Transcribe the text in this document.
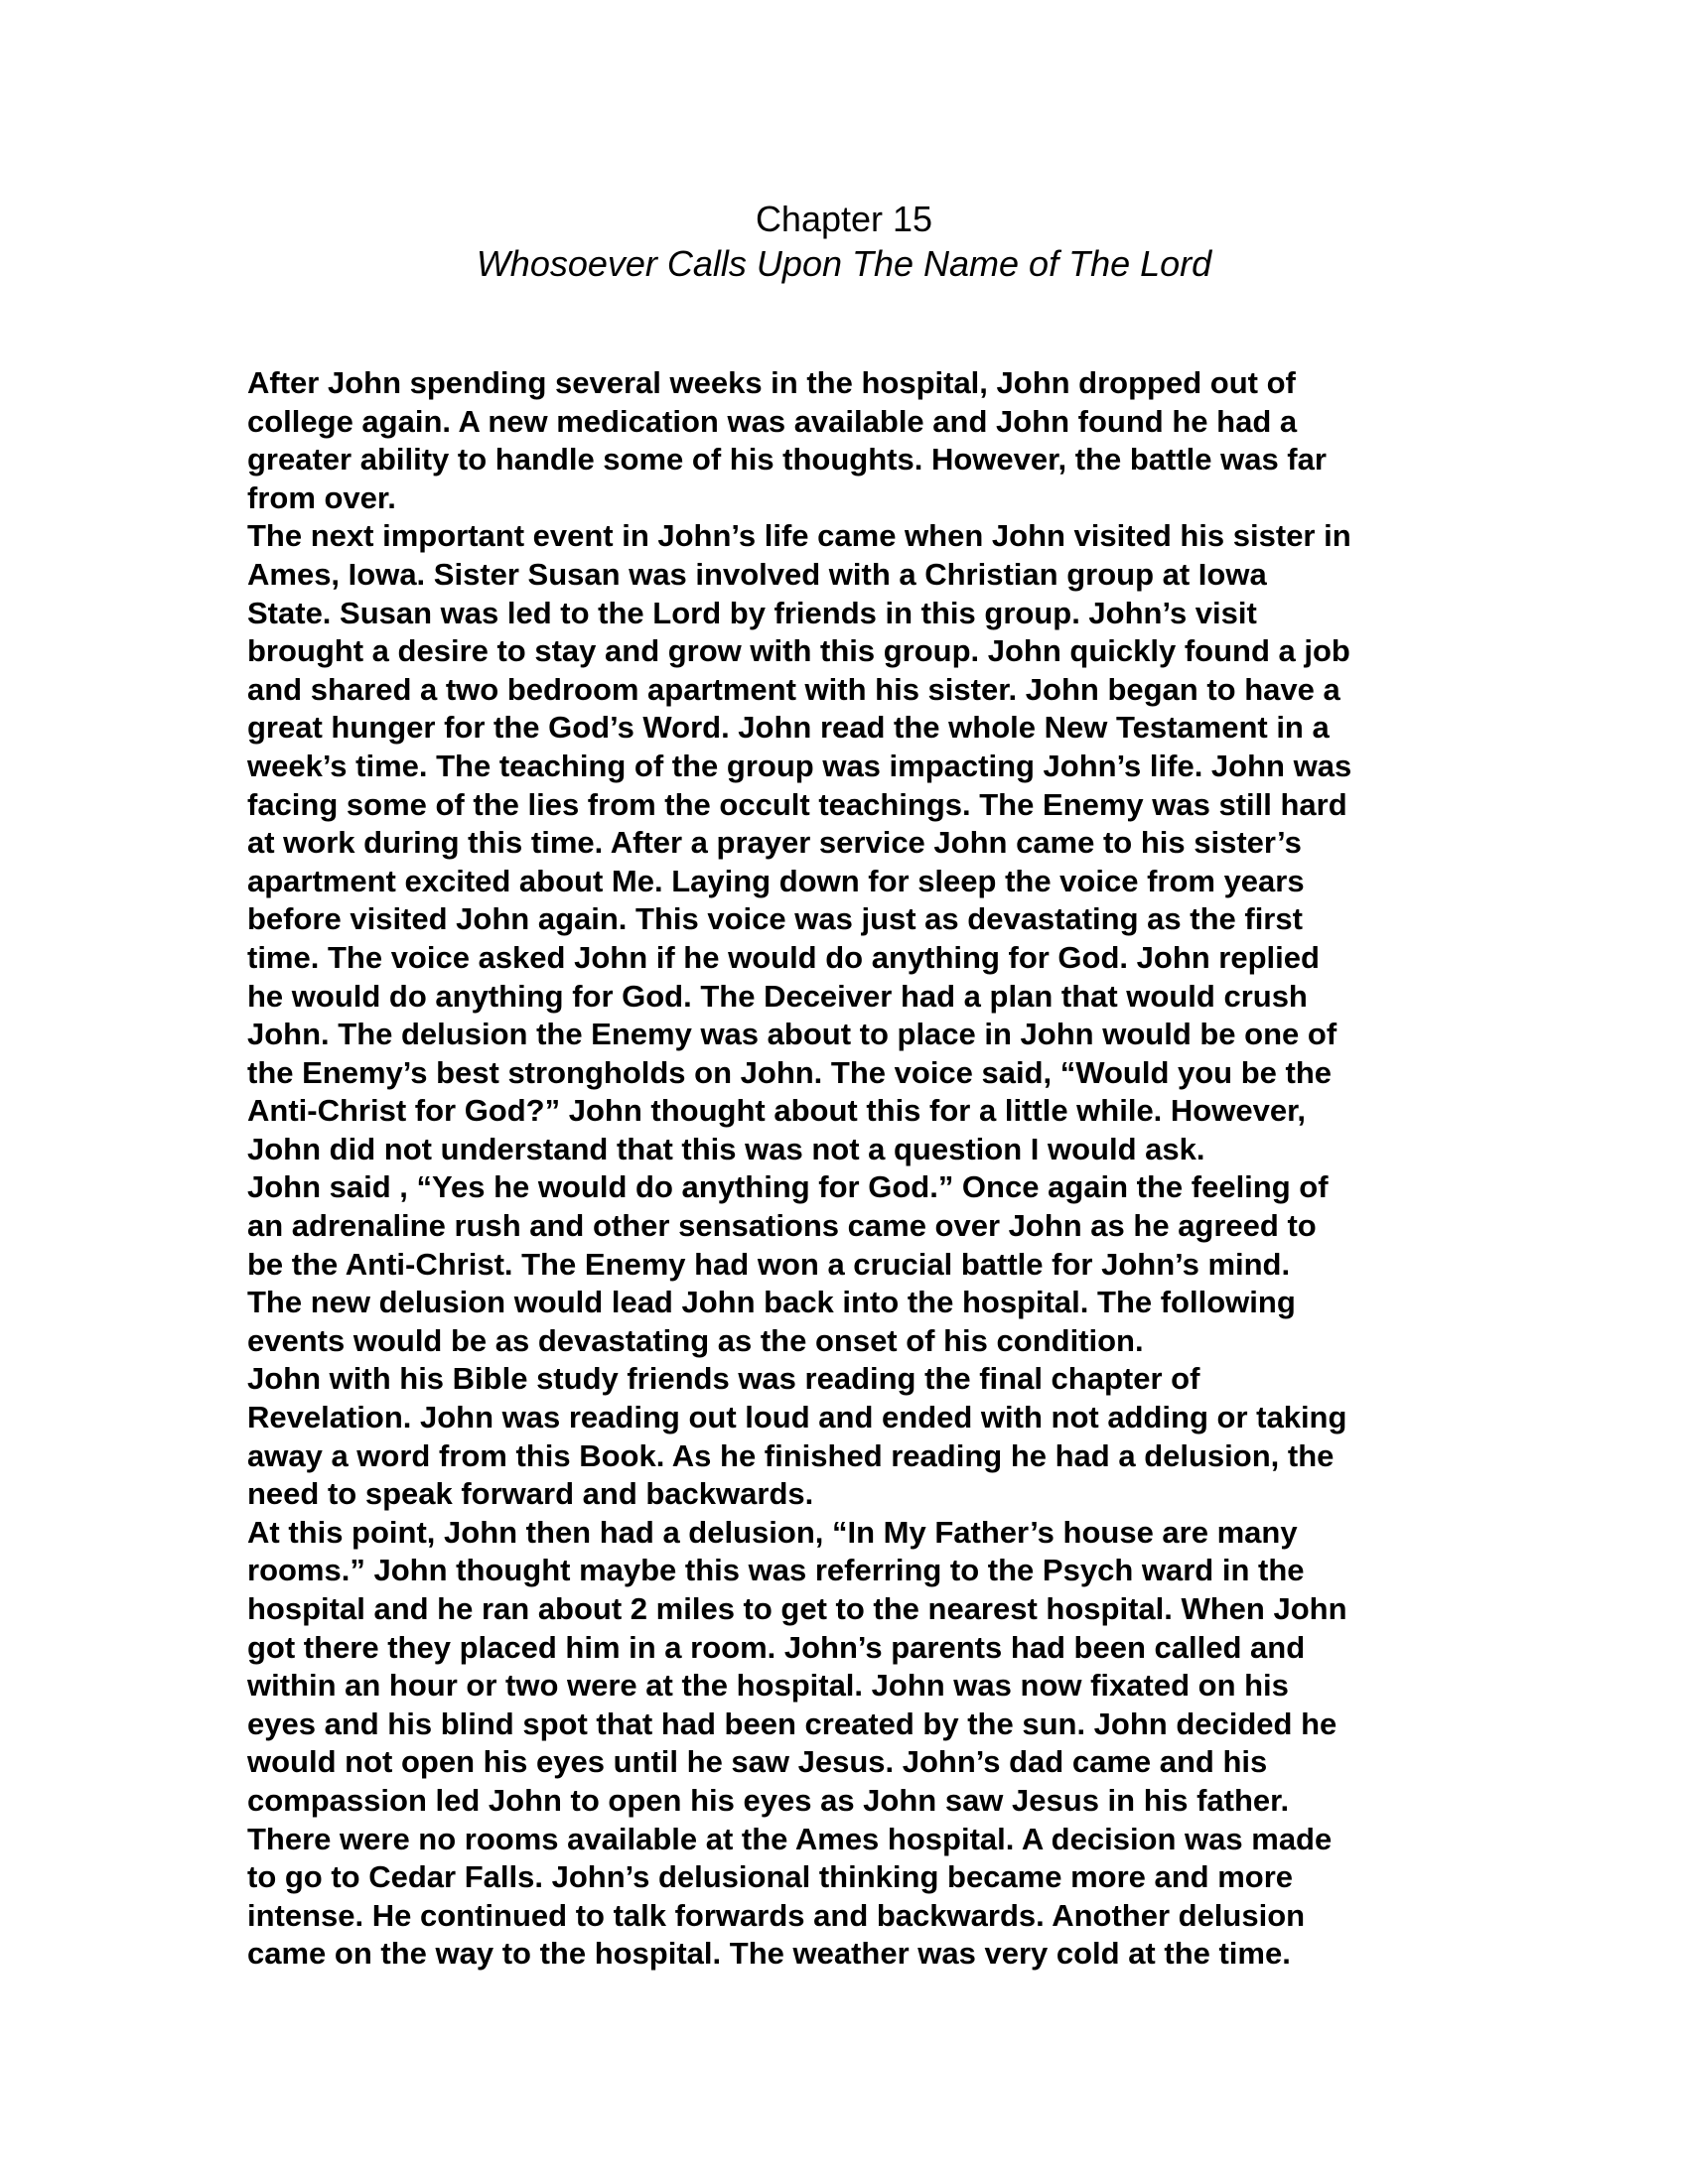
Chapter 15
Whosoever Calls Upon The Name of The Lord
After John spending several weeks in the hospital, John dropped out of
college again. A new medication was available and John found he had a
greater ability to handle some of his thoughts. However, the battle was far
from over.
The next important event in John’s life came when John visited his sister in
Ames, Iowa. Sister Susan was involved with a Christian group at Iowa
State. Susan was led to the Lord by friends in this group. John’s visit
brought a desire to stay and grow with this group. John quickly found a job
and shared a two bedroom apartment with his sister. John began to have a
great hunger for the God’s Word. John read the whole New Testament in a
week’s time. The teaching of the group was impacting John’s life. John was
facing some of the lies from the occult teachings. The Enemy was still hard
at work during this time. After a prayer service John came to his sister’s
apartment excited about Me. Laying down for sleep the voice from years
before visited John again. This voice was just as devastating as the first
time. The voice asked John if he would do anything for God. John replied
he would do anything for God. The Deceiver had a plan that would crush
John. The delusion the Enemy was about to place in John would be one of
the Enemy’s best strongholds on John. The voice said, “Would you be the
Anti-Christ for God?” John thought about this for a little while. However,
John did not understand that this was not a question I would ask.
John said , “Yes he would do anything for God.” Once again the feeling of
an adrenaline rush and other sensations came over John as he agreed to
be the Anti-Christ. The Enemy had won a crucial battle for John’s mind.
The new delusion would lead John back into the hospital. The following
events would be as devastating as the onset of his condition.
John with his Bible study friends was reading the final chapter of
Revelation. John was reading out loud and ended with not adding or taking
away a word from this Book. As he finished reading he had a delusion, the
need to speak forward and backwards.
At this point, John then had a delusion, “In My Father’s house are many
rooms.” John thought maybe this was referring to the Psych ward in the
hospital and he ran about 2 miles to get to the nearest hospital. When John
got there they placed him in a room. John’s parents had been called and
within an hour or two were at the hospital. John was now fixated on his
eyes and his blind spot that had been created by the sun. John decided he
would not open his eyes until he saw Jesus. John’s dad came and his
compassion led John to open his eyes as John saw Jesus in his father.
There were no rooms available at the Ames hospital. A decision was made
to go to Cedar Falls. John’s delusional thinking became more and more
intense. He continued to talk forwards and backwards. Another delusion
came on the way to the hospital. The weather was very cold at the time.
